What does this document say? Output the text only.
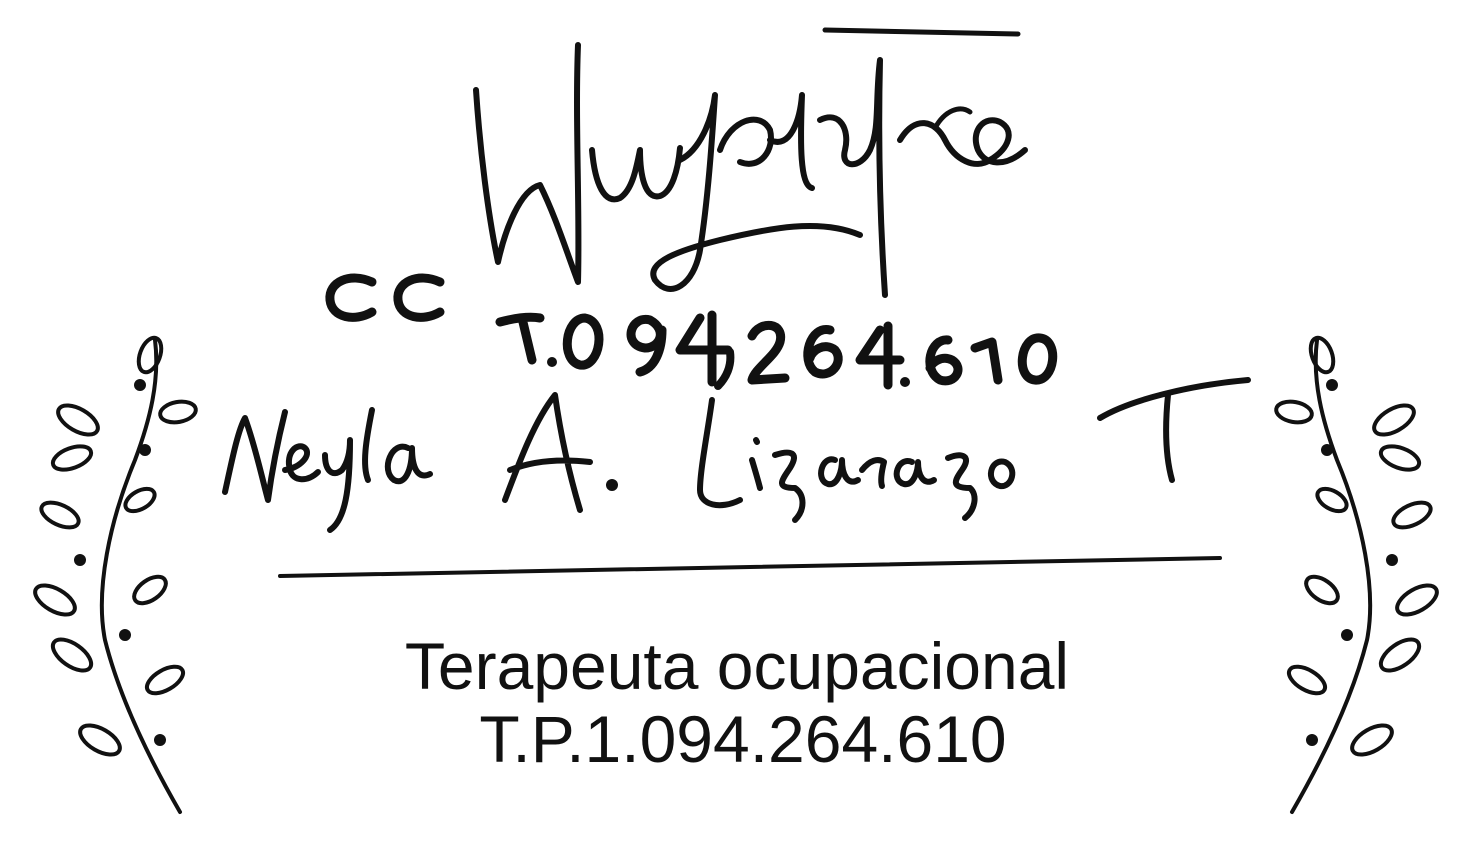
Terapeuta ocupacional
T.P.1.094.264.610
